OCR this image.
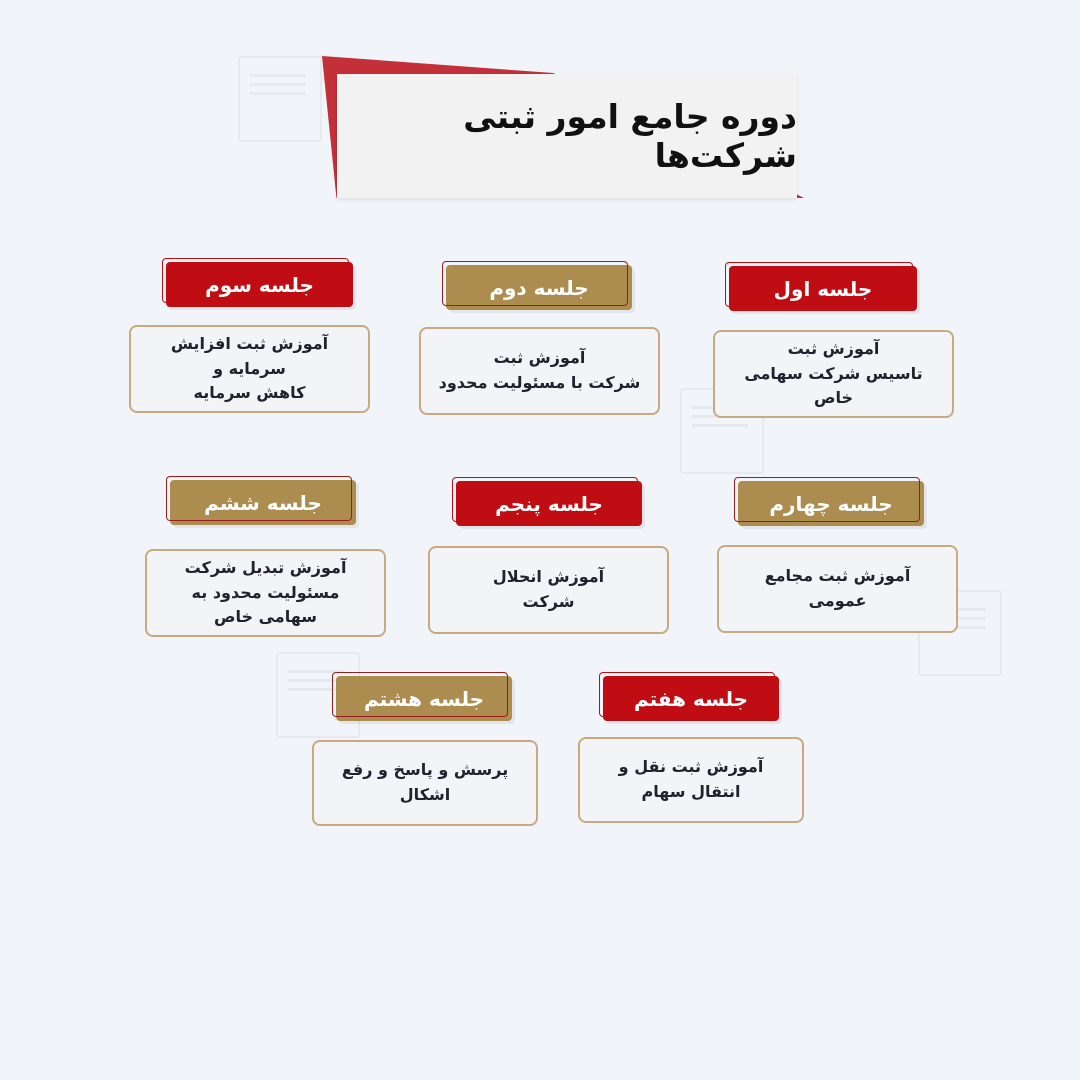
دوره جامع امور ثبتی شرکت‌ها
جلسه اول
آموزش ثبت
تاسیس شرکت سهامی خاص
جلسه دوم
آموزش ثبت
شرکت با مسئولیت محدود
جلسه سوم
آموزش ثبت افزایش سرمایه و
کاهش سرمایه
جلسه چهارم
آموزش ثبت مجامع
عمومی
جلسه پنجم
آموزش انحلال
شرکت
جلسه ششم
آموزش تبدیل شرکت
مسئولیت محدود به
سهامی خاص
جلسه هفتم
آموزش ثبت نقل و
انتقال سهام
جلسه هشتم
پرسش و پاسخ و رفع
اشکال
